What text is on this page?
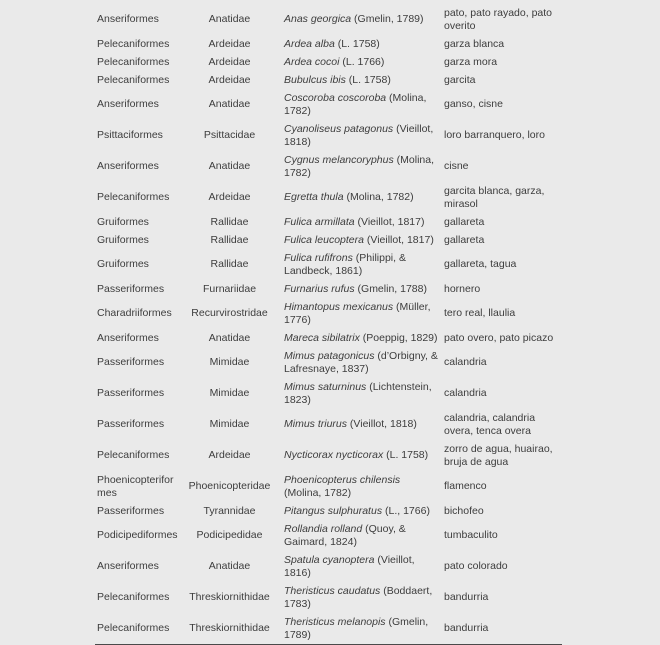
Anseriformes	Anatidae	Anas georgica (Gmelin, 1789)	pato, pato rayado, pato overito
Pelecaniformes	Ardeidae	Ardea alba (L. 1758)	garza blanca
Pelecaniformes	Ardeidae	Ardea cocoi (L. 1766)	garza mora
Pelecaniformes	Ardeidae	Bubulcus ibis (L. 1758)	garcita
Anseriformes	Anatidae	Coscoroba coscoroba (Molina, 1782)	ganso, cisne
Psittaciformes	Psittacidae	Cyanoliseus patagonus (Vieillot, 1818)	loro barranquero, loro
Anseriformes	Anatidae	Cygnus melancoryphus (Molina, 1782)	cisne
Pelecaniformes	Ardeidae	Egretta thula (Molina, 1782)	garcita blanca, garza, mirasol
Gruiformes	Rallidae	Fulica armillata (Vieillot, 1817)	gallareta
Gruiformes	Rallidae	Fulica leucoptera (Vieillot, 1817)	gallareta
Gruiformes	Rallidae	Fulica rufifrons (Philippi, & Landbeck, 1861)	gallareta, tagua
Passeriformes	Furnariidae	Furnarius rufus (Gmelin, 1788)	hornero
Charadriiformes	Recurvirostridae	Himantopus mexicanus (Müller, 1776)	tero real, llaulia
Anseriformes	Anatidae	Mareca sibilatrix (Poeppig, 1829)	pato overo, pato picazo
Passeriformes	Mimidae	Mimus patagonicus (d’Orbigny, & Lafresnaye, 1837)	calandria
Passeriformes	Mimidae	Mimus saturninus (Lichtenstein, 1823)	calandria
Passeriformes	Mimidae	Mimus triurus (Vieillot, 1818)	calandria, calandria overa, tenca overa
Pelecaniformes	Ardeidae	Nycticorax nycticorax (L. 1758)	zorro de agua, huairao, bruja de agua
Phoenicopteriformes	Phoenicopteridae	Phoenicopterus chilensis (Molina, 1782)	flamenco
Passeriformes	Tyrannidae	Pitangus sulphuratus (L., 1766)	bichofeo
Podicipediformes	Podicipedidae	Rollandia rolland (Quoy, & Gaimard, 1824)	tumbaculito
Anseriformes	Anatidae	Spatula cyanoptera (Vieillot, 1816)	pato colorado
Pelecaniformes	Threskiornithidae	Theristicus caudatus (Boddaert, 1783)	bandurria
Pelecaniformes	Threskiornithidae	Theristicus melanopis (Gmelin, 1789)	bandurria
